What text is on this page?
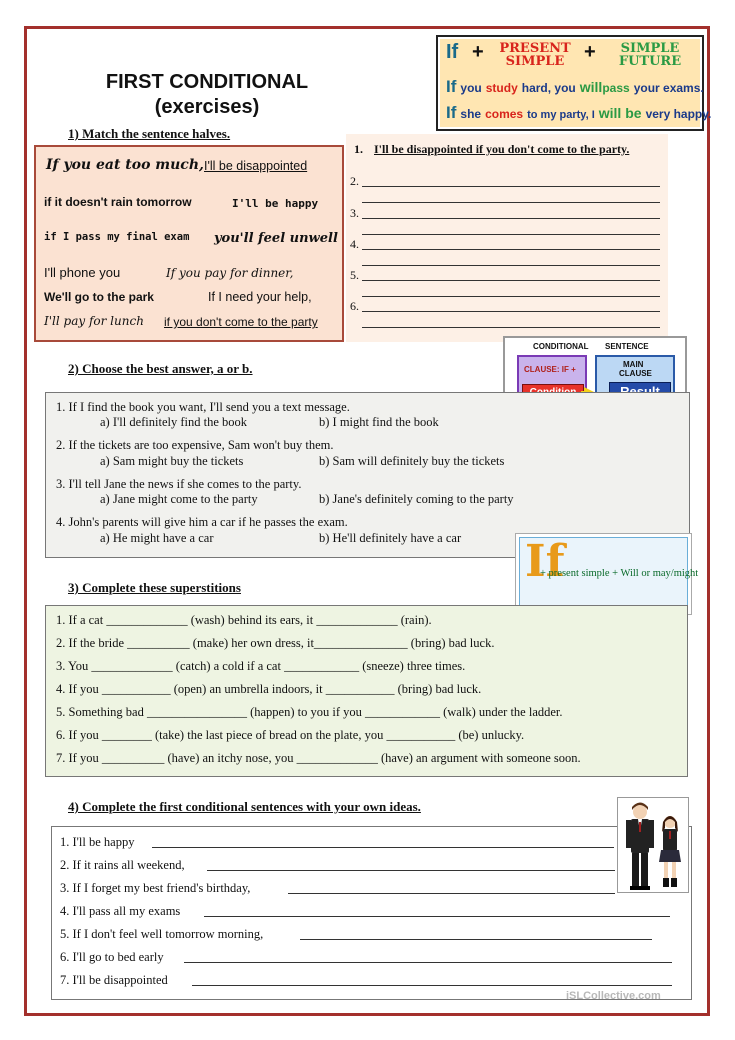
FIRST CONDITIONAL
(exercises)
If +	PRESENT
SIMPLE +	SIMPLE
FUTURE
If you study hard, you willpass your exams.
If she comes to my party, I will be very happy.
1) Match the sentence halves.
If you eat too much,
if it doesn't rain tomorrow
if I pass my final exam
I'll phone you
We'll go to the park
I'll pay for lunch
I'll be disappointed
I'll be happy
you'll feel unwell
If you pay for dinner,
If I need your help,
if you don't come to the party
1. I'll be disappointed if you don't come to the party.
2.
3.
4.
5.
6.
CONDITIONAL SENTENCE
CLAUSE: IF +
MAIN
CLAUSE
2) Choose the best answer, a or b.
1. If I find the book you want, I'll send you a text message.
a) I'll definitely find the book	b) I might find the book
2. If the tickets are too expensive, Sam won't buy them.
a) Sam might buy the tickets	b) Sam will definitely buy the tickets
3. I'll tell Jane the news if she comes to the party.
a) Jane might come to the party	b) Jane's definitely coming to the party
4. John's parents will give him a car if he passes the exam.
a) He might have a car	b) He'll definitely have a car If
+ present simple + Will or may/might
3) Complete these superstitions
1. If a cat _____________ (wash) behind its ears, it _____________ (rain).
2. If the bride __________ (make) her own dress, it_______________ (bring) bad luck.
3. You _____________ (catch) a cold if a cat ____________ (sneeze) three times.
4. If you ___________ (open) an umbrella indoors, it ___________ (bring) bad luck.
5. Something bad ________________ (happen) to you if you ____________ (walk) under the ladder.
6. If you ________ (take) the last piece of bread on the plate, you ___________ (be) unlucky.
7. If you __________ (have) an itchy nose, you _____________ (have) an argument with someone soon.
4) Complete the first conditional sentences with your own ideas.
1. I'll be happy
2. If it rains all weekend,
3. If I forget my best friend's birthday,
4. I'll pass all my exams
5. If I don't feel well tomorrow morning,
6. I'll go to bed early
7. I'll be disappointed
iSLCollective.com
